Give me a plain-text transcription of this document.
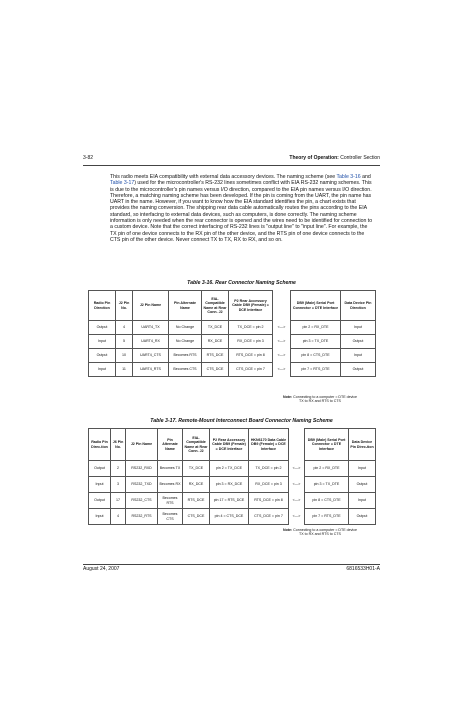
3-82	Theory of Operation: Controller Section
This radio meets EIA compatibility with external data accessory devices. The naming scheme (see Table 3-16 and Table 3-17) used for the microcontroller's RS-232 lines sometimes conflict with EIA RS-232 naming schemes. This is due to the microcontroller's pin names versus I/O direction, compared to the EIA pin names versus I/O direction. Therefore, a matching naming scheme has been developed. If the pin is coming from the UART, the pin name has UART in the name. However, if you want to know how the EIA standard identifies the pin, a chart exists that provides the naming conversion. The shipping rear data cable automatically routes the pins according to the EIA standard, so interfacing to external data devices, such as computers, is done correctly. The naming scheme information is only needed when the rear connector is opened and the wires need to be identified for connection to a custom device. Note that the correct interfacing of RS-232 lines is "output line" to "input line". For example, the TX pin of one device connects to the RX pin of the other device, and the RTS pin of one device connects to the CTS pin of the other device. Never connect TX to TX, RX to RX, and so on.
Table 3-16. Rear Connector Naming Scheme
Radio Pin Direction	J2 Pin No.	J2 Pin Name	Pin Alternate Name	EIA-Compatible Name at Rear Conn. J2	P2 Rear Accessory Cable DB9 (Female) = DCE Interface		DB9 (Male) Serial Port Connector = DTE Interface	Data Device Pin Direction
Output	4	UART4_TX	No Change	TX_DCE	TX_DCE = pin 2	<--->	pin 2 = RX_DTE	Input
Input	5	UART4_RX	No Change	RX_DCE	RX_DCE = pin 3	<--->	pin 3 = TX_DTE	Output
Output	10	UART4_CTS	Becomes RTS	RTS_DCE	RTS_DCE = pin 8	<--->	pin 8 = CTS_DTE	Input
Input	11	UART4_RTS	Becomes CTS	CTS_DCE	CTS_DCE = pin 7	<--->	pin 7 = RTS_DTE	Output
Note: Connecting to a computer = DTE device
TX to RX and RTS to CTS
Table 3-17. Remote-Mount Interconnect Board Connector Naming Scheme
Radio Pin Direc-tion	J6 Pin No.	J2 Pin Name	Pin Alternate Name	EIA-Compatible Name at Rear Conn. J2	P2 Rear Accessory Cable DB9 (Female) = DCE Interface	HKN6170 Data Cable DB9 (Female) = DCE Interface		DB9 (Male) Serial Port Connector = DTE Interface	Data Device Pin Direc-tion
Output	2	RS232_RXD	Becomes TX	TX_DCE	pin 2 = TX_DCE	TX_DCE = pin 2	<--->	pin 2 = RX_DTE	Input
Input	3	RS232_TXD	Becomes RX	RX_DCE	pin 3 = RX_DCE	RX_DCE = pin 3	<--->	pin 3 = TX_DTE	Output
Output	17	RS232_CTS	Becomes RTS	RTS_DCE	pin 17 = RTS_DCE	RTS_DCE = pin 8	<--->	pin 8 = CTS_DTE	Input
Input	4	RS232_RTS	Becomes CTS	CTS_DCE	pin 4 = CTS_DCE	CTS_DCE = pin 7	<--->	pin 7 = RTS_DTE	Output
Note: Connecting to a computer = DTE device
TX to RX and RTS to CTS
August 24, 2007	6816533H01-A
